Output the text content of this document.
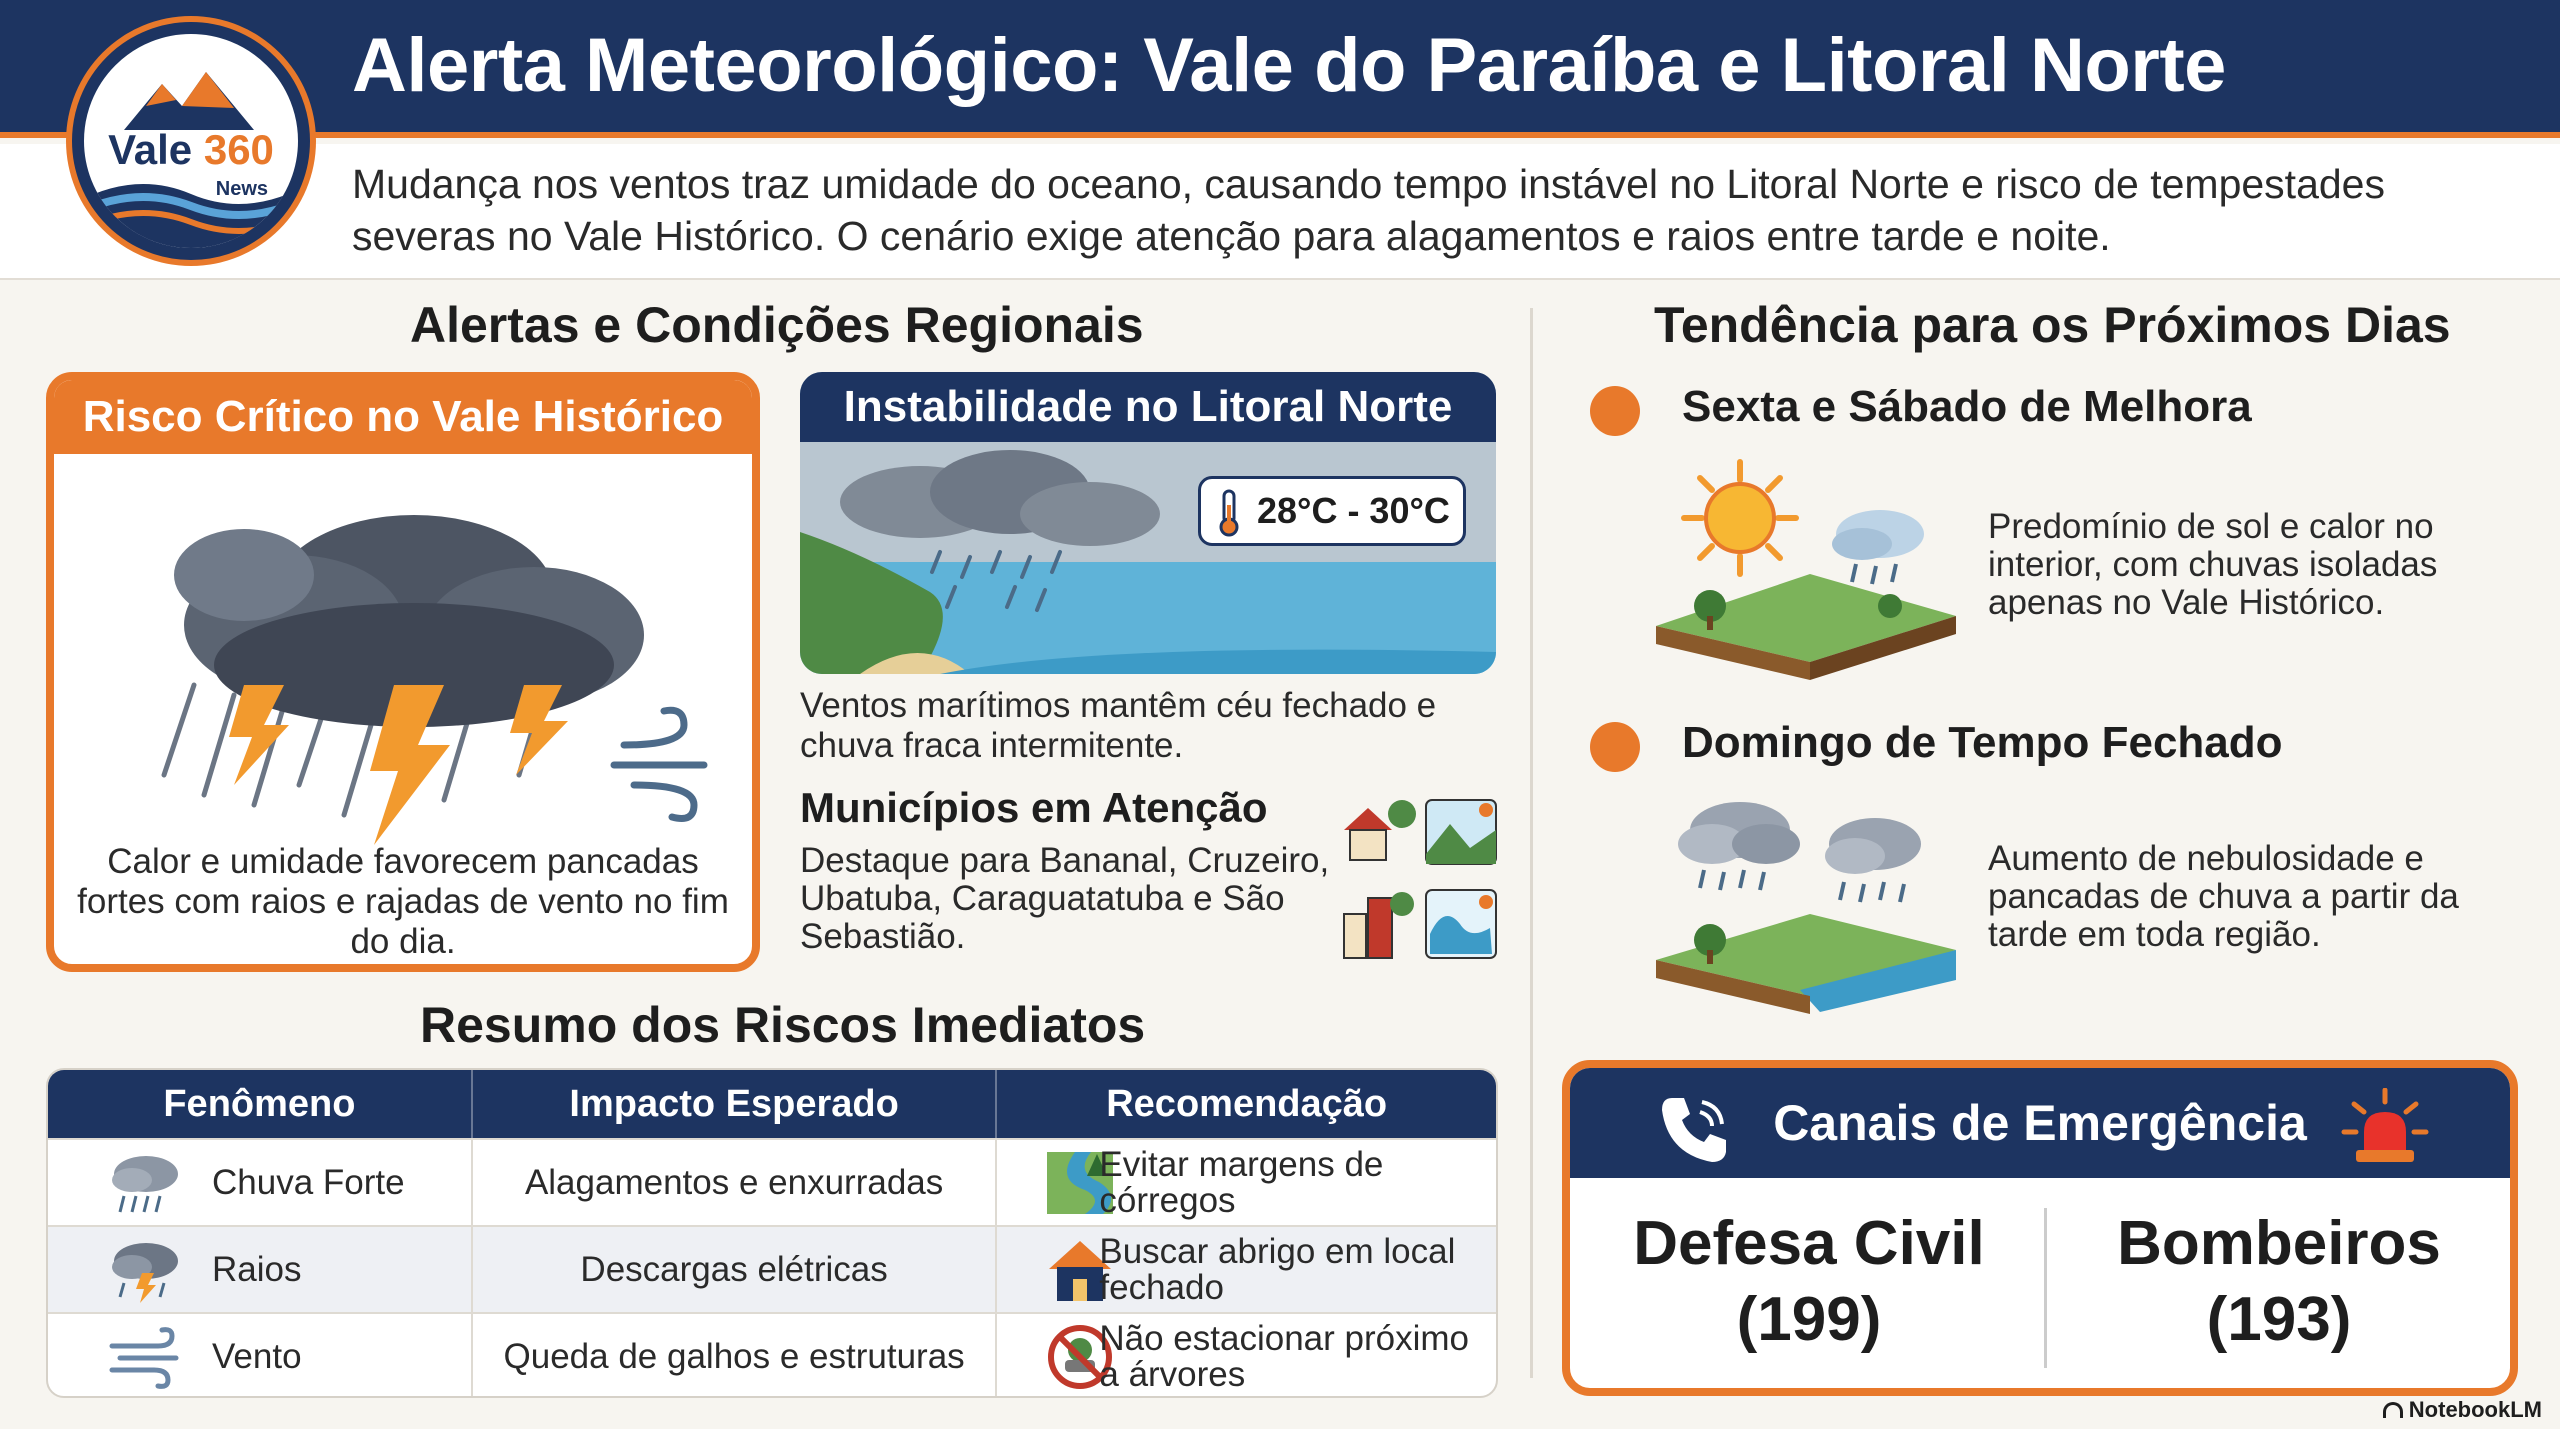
Alerta Meteorológico: Vale do Paraíba e Litoral Norte
Mudança nos ventos traz umidade do oceano, causando tempo instável no Litoral Norte e risco de tempestades severas no Vale Histórico. O cenário exige atenção para alagamentos e raios entre tarde e noite.
Vale 360
News
Alertas e Condições Regionais
Risco Crítico no Vale Histórico
Calor e umidade favorecem pancadas fortes com raios e rajadas de vento no fim do dia.
Instabilidade no Litoral Norte
28°C - 30°C
Ventos marítimos mantêm céu fechado e chuva fraca intermitente.
Municípios em Atenção
Destaque para Bananal, Cruzeiro, Ubatuba, Caraguatatuba e São Sebastião.
Resumo dos Riscos Imediatos
Fenômeno	Impacto Esperado	Recomendação
Chuva Forte	Alagamentos e enxurradas	Evitar margens de córregos
Raios	Descargas elétricas	Buscar abrigo em local fechado
Vento	Queda de galhos e estruturas	Não estacionar próximo a árvores
Tendência para os Próximos Dias
Sexta e Sábado de Melhora
Predomínio de sol e calor no interior, com chuvas isoladas apenas no Vale Histórico.
Domingo de Tempo Fechado
Aumento de nebulosidade e pancadas de chuva a partir da tarde em toda região.
Canais de Emergência
Defesa Civil
(199)
Bombeiros
(193)
NotebookLM
